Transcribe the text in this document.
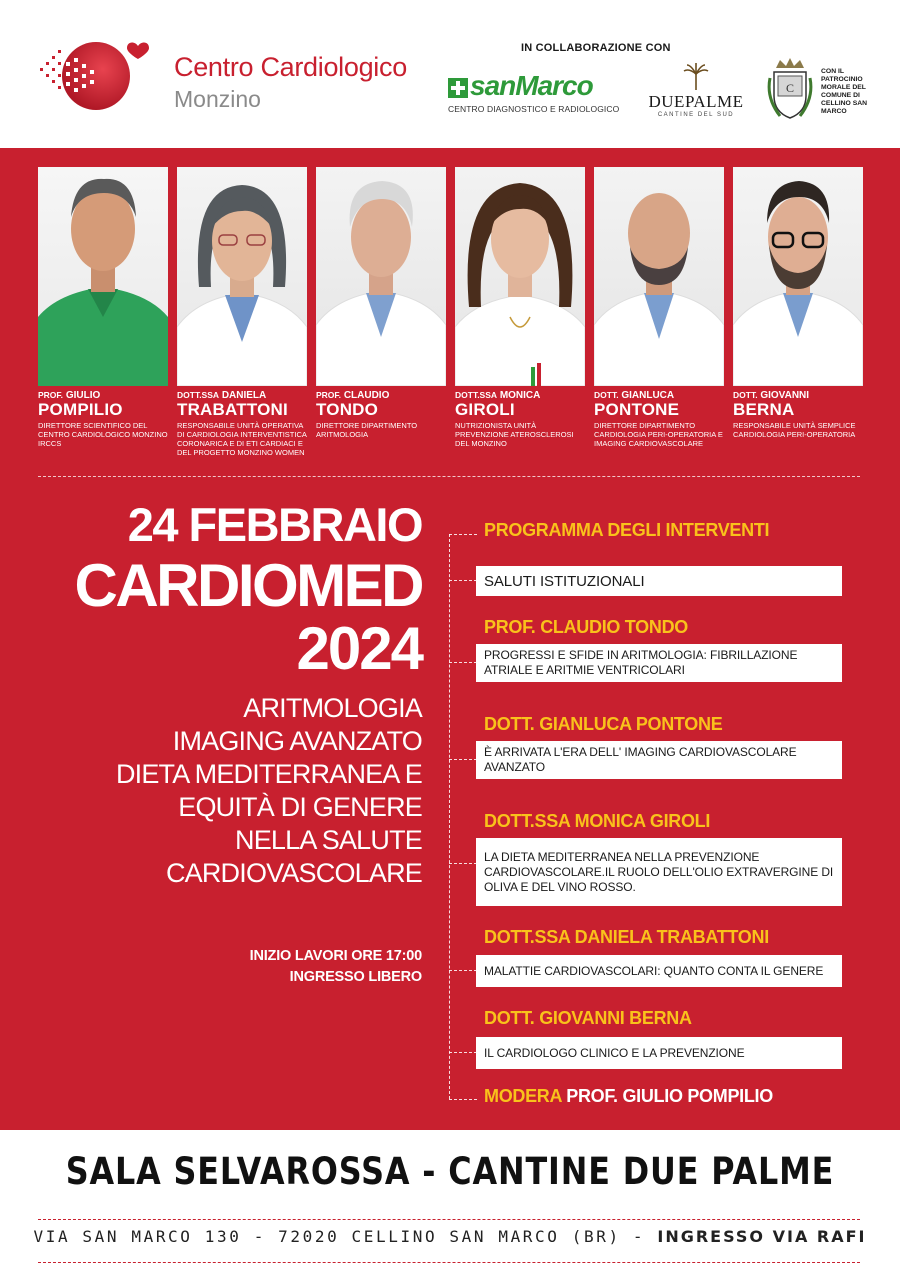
Centro Cardiologico
Monzino
IN COLLABORAZIONE CON
sanMarco
CENTRO DIAGNOSTICO E RADIOLOGICO	DUEPALME
CANTINE DEL SUD
C
CON IL PATROCINIO MORALE DEL COMUNE DI CELLINO SAN MARCO
PROF. GIULIO
POMPILIO
DIRETTORE SCIENTIFICO DEL CENTRO CARDIOLOGICO MONZINO IRCCS
DOTT.SSA DANIELA
TRABATTONI
RESPONSABILE UNITÀ OPERATIVA DI CARDIOLOGIA INTERVENTISTICA CORONARICA E DI ETI CARDIACI E DEL PROGETTO MONZINO WOMEN
PROF. CLAUDIO
TONDO
DIRETTORE DIPARTIMENTO ARITMOLOGIA
DOTT.SSA MONICA
GIROLI
NUTRIZIONISTA UNITÀ PREVENZIONE ATEROSCLEROSI DEL MONZINO
DOTT. GIANLUCA
PONTONE
DIRETTORE DIPARTIMENTO CARDIOLOGIA PERI-OPERATORIA E IMAGING CARDIOVASCOLARE
DOTT. GIOVANNI
BERNA
RESPONSABILE UNITÀ SEMPLICE CARDIOLOGIA PERI-OPERATORIA
24 FEBBRAIO
CARDIOMED
2024
ARITMOLOGIA
IMAGING AVANZATO
DIETA MEDITERRANEA E
EQUITÀ DI GENERE
NELLA SALUTE
CARDIOVASCOLARE
INIZIO LAVORI ORE 17:00
INGRESSO LIBERO
PROGRAMMA DEGLI INTERVENTI
SALUTI ISTITUZIONALI
PROF. CLAUDIO TONDO
PROGRESSI E SFIDE IN ARITMOLOGIA: FIBRILLAZIONE ATRIALE E ARITMIE VENTRICOLARI
DOTT. GIANLUCA PONTONE
È ARRIVATA L'ERA DELL' IMAGING CARDIOVASCOLARE AVANZATO
DOTT.SSA MONICA GIROLI
LA DIETA MEDITERRANEA NELLA PREVENZIONE CARDIOVASCOLARE.IL RUOLO DELL'OLIO EXTRAVERGINE DI OLIVA E DEL VINO ROSSO.
DOTT.SSA DANIELA TRABATTONI
MALATTIE CARDIOVASCOLARI: QUANTO CONTA IL GENERE
DOTT. GIOVANNI BERNA
IL CARDIOLOGO CLINICO E LA PREVENZIONE
MODERA PROF. GIULIO POMPILIO
SALA SELVAROSSA - CANTINE DUE PALME
VIA SAN MARCO 130 - 72020 CELLINO SAN MARCO (BR) - INGRESSO VIA RAFI
